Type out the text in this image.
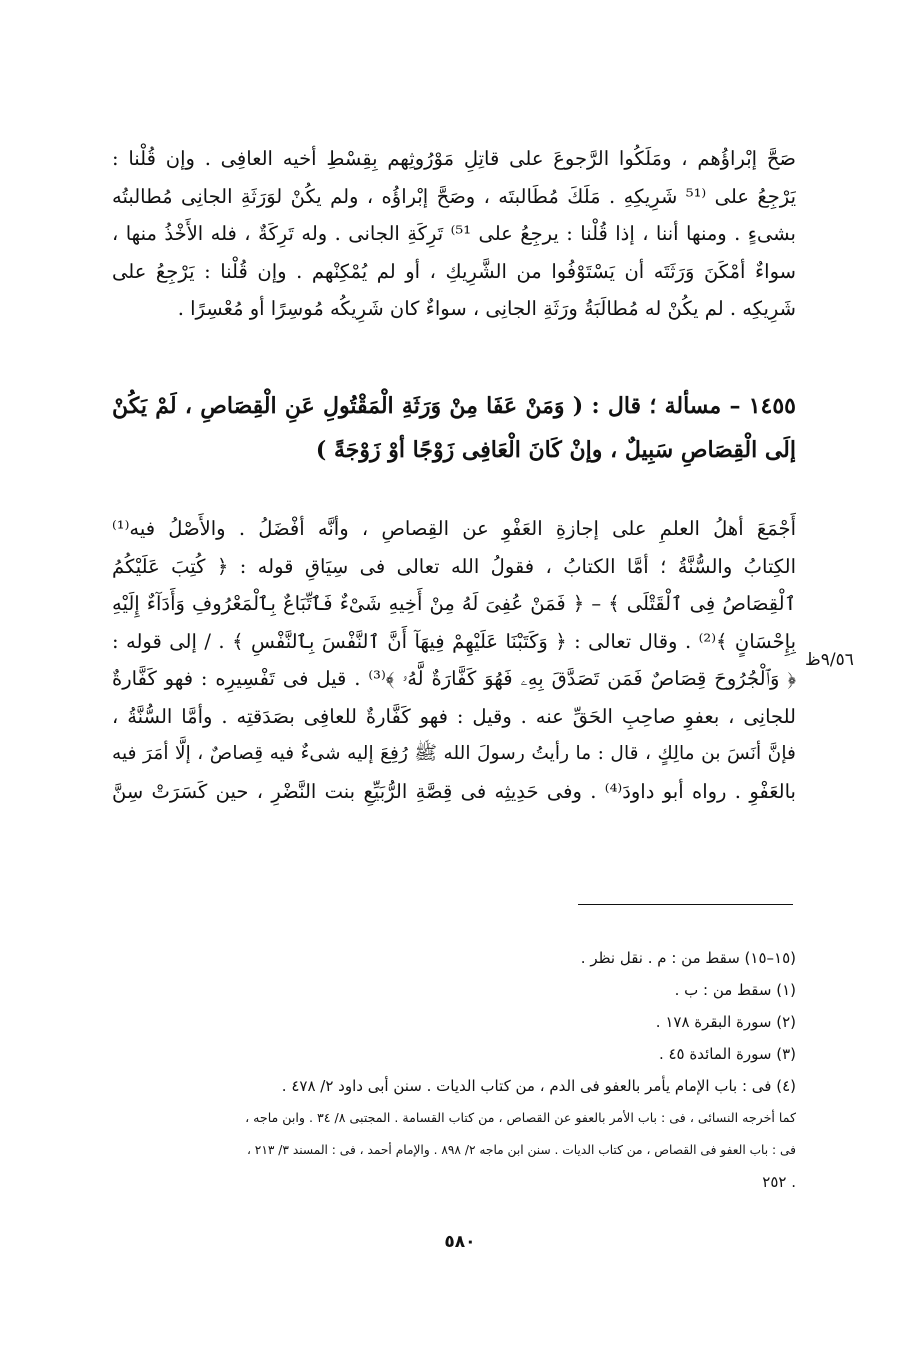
صَحَّ إبْراؤُهم ، ومَلَكُوا الرَّجوعَ على قاتِلِ مَوْرُوثِهم بِقِسْطِ أخيه العافِى . وإن قُلْنا :
يَرْجِعُ على ⁽⁵¹ شَرِيكِهِ . مَلَكَ مُطَالبتَه ، وصَحَّ إبْراؤُه ، ولم يكُنْ لوَرَثَةِ الجانِى مُطالبتُه
بشىءٍ . ومنها أننا ، إذا قُلْنا : يرجِعُ على ⁵¹⁾ تَرِكَةِ الجانى . وله تَرِكَةٌ ، فله الأَخْذُ منها ،
سواءٌ أمْكَنَ وَرَثَتَه أن يَسْتَوْفُوا من الشَّرِيكِ ، أو لم يُمْكِنْهم . وإن قُلْنا : يَرْجِعُ على
شَرِيكِه . لم يكُنْ له مُطالَبَةُ ورَثَةِ الجانِى ، سواءٌ كان شَرِيكُه مُوسِرًا أو مُعْسِرًا .

١٤٥٥ – مسألة ؛ قال : ( وَمَنْ عَفَا مِنْ وَرَثَةِ الْمَقْتُولِ عَنِ الْقِصَاصِ ، لَمْ يَكُنْ
إلَى الْقِصَاصِ سَبِيلٌ ، وإنْ كَانَ الْعَافِى زَوْجًا أوْ زَوْجَةً )

أَجْمَعَ أهلُ العلمِ على إجازةِ العَفْوِ عن القِصاصِ ، وأنَّه أفْضَلُ . والأَصْلُ فيه⁽¹⁾
الكِتابُ والسُّنَّةُ ؛ أمَّا الكتابُ ، فقولُ الله تعالى فى سِيَاقِ قوله : ﴿ كُتِبَ عَلَيْكُمُ
ٱلْقِصَاصُ فِى ٱلْقَتْلَى ﴾ – ﴿ فَمَنْ عُفِىَ لَهُ مِنْ أَخِيهِ شَىْءٌ فَٱتِّبَاعٌ بِٱلْمَعْرُوفِ وَأَدَآءٌ إِلَيْهِ
بِإِحْسَانٍ ﴾⁽²⁾ . وقال تعالى : ﴿ وَكَتَبْنَا عَلَيْهِمْ فِيهَآ أَنَّ ٱلنَّفْسَ بِٱلنَّفْسِ ﴾ . / إلى قوله :
﴿ وَٱلْجُرُوحَ قِصَاصٌ فَمَن تَصَدَّقَ بِهِۦ فَهُوَ كَفَّارَةٌ لَّهُۥ ﴾⁽³⁾ . قيل فى تَفْسِيرِه : فهو كَفَّارةٌ
للجانِى ، بعفوِ صاحِبِ الحَقِّ عنه . وقيل : فهو كَفَّارةٌ للعافِى بصَدَقتِه . وأمَّا السُّنَّةُ ،
فإنَّ أنَسَ بن مالِكٍ ، قال : ما رأيتُ رسولَ الله ﷺ رُفِعَ إليه شىءٌ فيه قِصاصٌ ، إلَّا أمَرَ فيه
بالعَفْوِ . رواه أبو داودَ⁽⁴⁾ . وفى حَدِيثِه فى قِصَّةِ الرُّبَيِّعِ بنت النَّضْرِ ، حين كَسَرَتْ سِنَّ

٩/٥٦ظ
(١٥–١٥) سقط من : م . نقل نظر .
(١) سقط من : ب .
(٢) سورة البقرة ١٧٨ .
(٣) سورة المائدة ٤٥ .
(٤) فى : باب الإمام يأمر بالعفو فى الدم ، من كتاب الديات . سنن أبى داود ٢/ ٤٧٨ .
كما أخرجه النسائى ، فى : باب الأمر بالعفو عن القصاص ، من كتاب القسامة . المجتبى ٨/ ٣٤ . وابن ماجه ،
فى : باب العفو فى القصاص ، من كتاب الديات . سنن ابن ماجه ٢/ ٨٩٨ . والإمام أحمد ، فى : المسند ٣/ ٢١٣ ،
. ٢٥٢
٥٨٠
